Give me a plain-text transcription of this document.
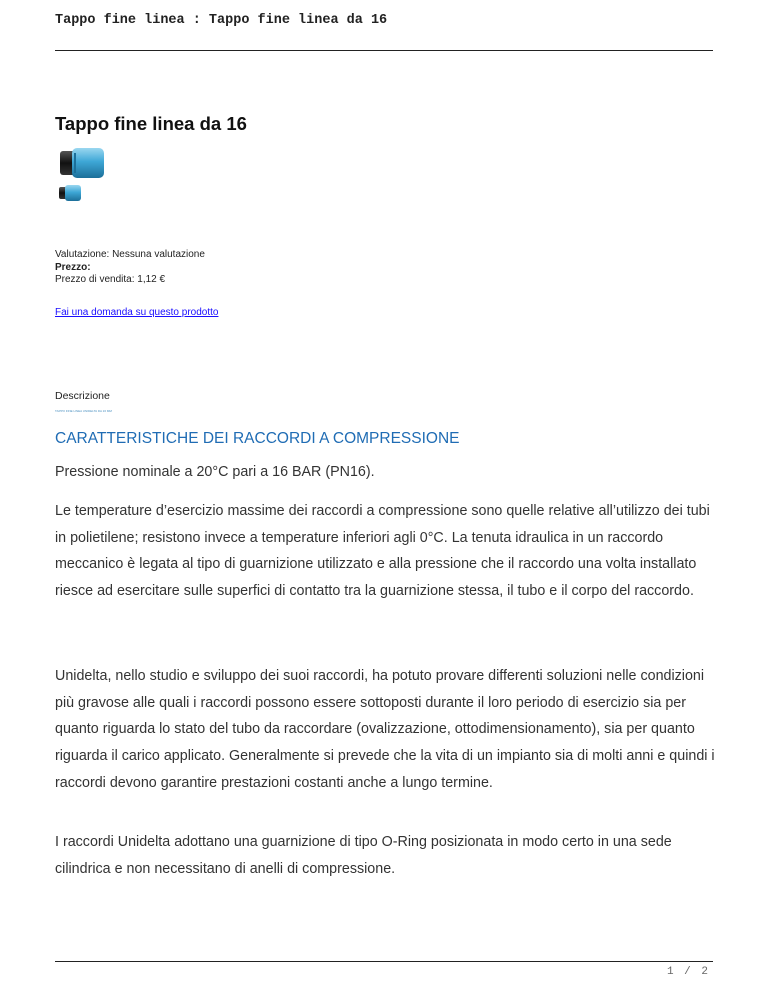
Tappo fine linea : Tappo fine linea da 16
Tappo fine linea da 16
Valutazione: Nessuna valutazione
Prezzo:
Prezzo di vendita: 1,12 €
Fai una domanda su questo prodotto
Descrizione
TAPPO FINE LINEA UNIDELTA DA 16 MM
CARATTERISTICHE DEI RACCORDI A COMPRESSIONE

Pressione nominale a 20°C pari a 16 BAR (PN16).

Le temperature d’esercizio massime dei raccordi a compressione sono quelle relative all’utilizzo dei tubi in polietilene; resistono invece a temperature inferiori agli 0°C. La tenuta idraulica in un raccordo meccanico è legata al tipo di guarnizione utilizzato e alla pressione che il raccordo una volta installato riesce ad esercitare sulle superfici di contatto tra la guarnizione stessa, il tubo e il corpo del raccordo.

Unidelta, nello studio e sviluppo dei suoi raccordi, ha potuto provare differenti soluzioni nelle condizioni più gravose alle quali i raccordi possono essere sottoposti durante il loro periodo di esercizio sia per quanto riguarda lo stato del tubo da raccordare (ovalizzazione, ottodimensionamento), sia per quanto riguarda il carico applicato. Generalmente si prevede che la vita di un impianto sia di molti anni e quindi i raccordi devono garantire prestazioni costanti anche a lungo termine.

I raccordi Unidelta adottano una guarnizione di tipo O-Ring posizionata in modo certo in una sede cilindrica e non necessitano di anelli di compressione.

1 / 2
